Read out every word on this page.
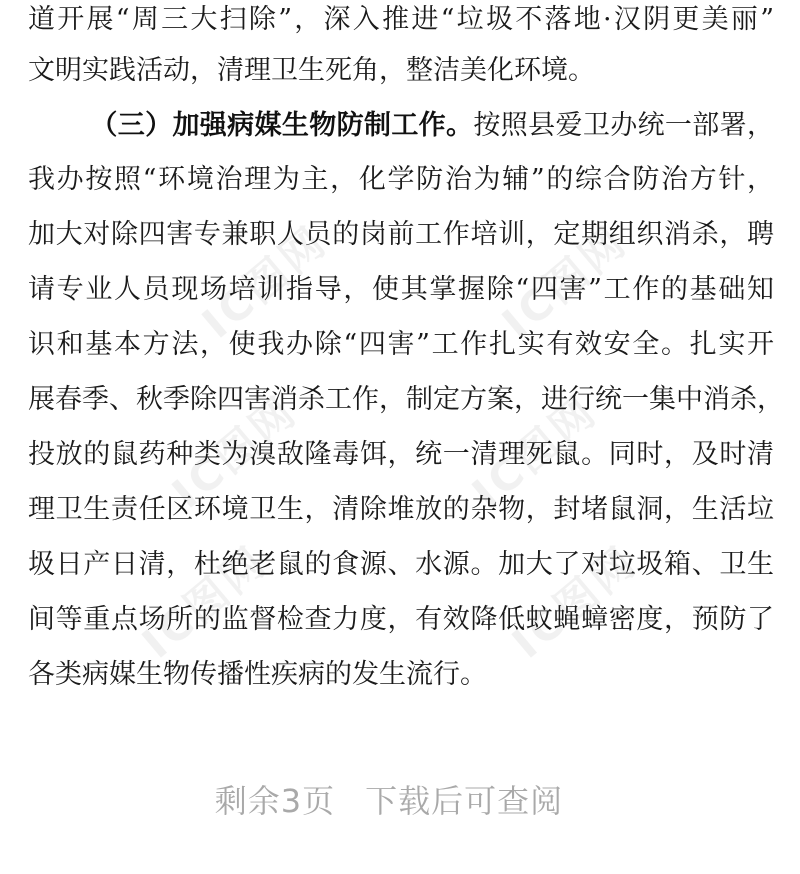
IC图网	IC图网
IC图网	IC图网
IC图网	IC图网
道开展“周三大扫除”，深入推进“垃圾不落地·汉阴更美丽”
文明实践活动，清理卫生死角，整洁美化环境。
（三）加强病媒生物防制工作。按照县爱卫办统一部署，
我办按照“环境治理为主，化学防治为辅”的综合防治方针，
加大对除四害专兼职人员的岗前工作培训，定期组织消杀，聘
请专业人员现场培训指导，使其掌握除“四害”工作的基础知
识和基本方法，使我办除“四害”工作扎实有效安全。扎实开
展春季、秋季除四害消杀工作，制定方案，进行统一集中消杀，
投放的鼠药种类为溴敌隆毒饵，统一清理死鼠。同时，及时清
理卫生责任区环境卫生，清除堆放的杂物，封堵鼠洞，生活垃
圾日产日清，杜绝老鼠的食源、水源。加大了对垃圾箱、卫生
间等重点场所的监督检查力度，有效降低蚊蝇蟑密度，预防了
各类病媒生物传播性疾病的发生流行。
剩余3页 下载后可查阅
